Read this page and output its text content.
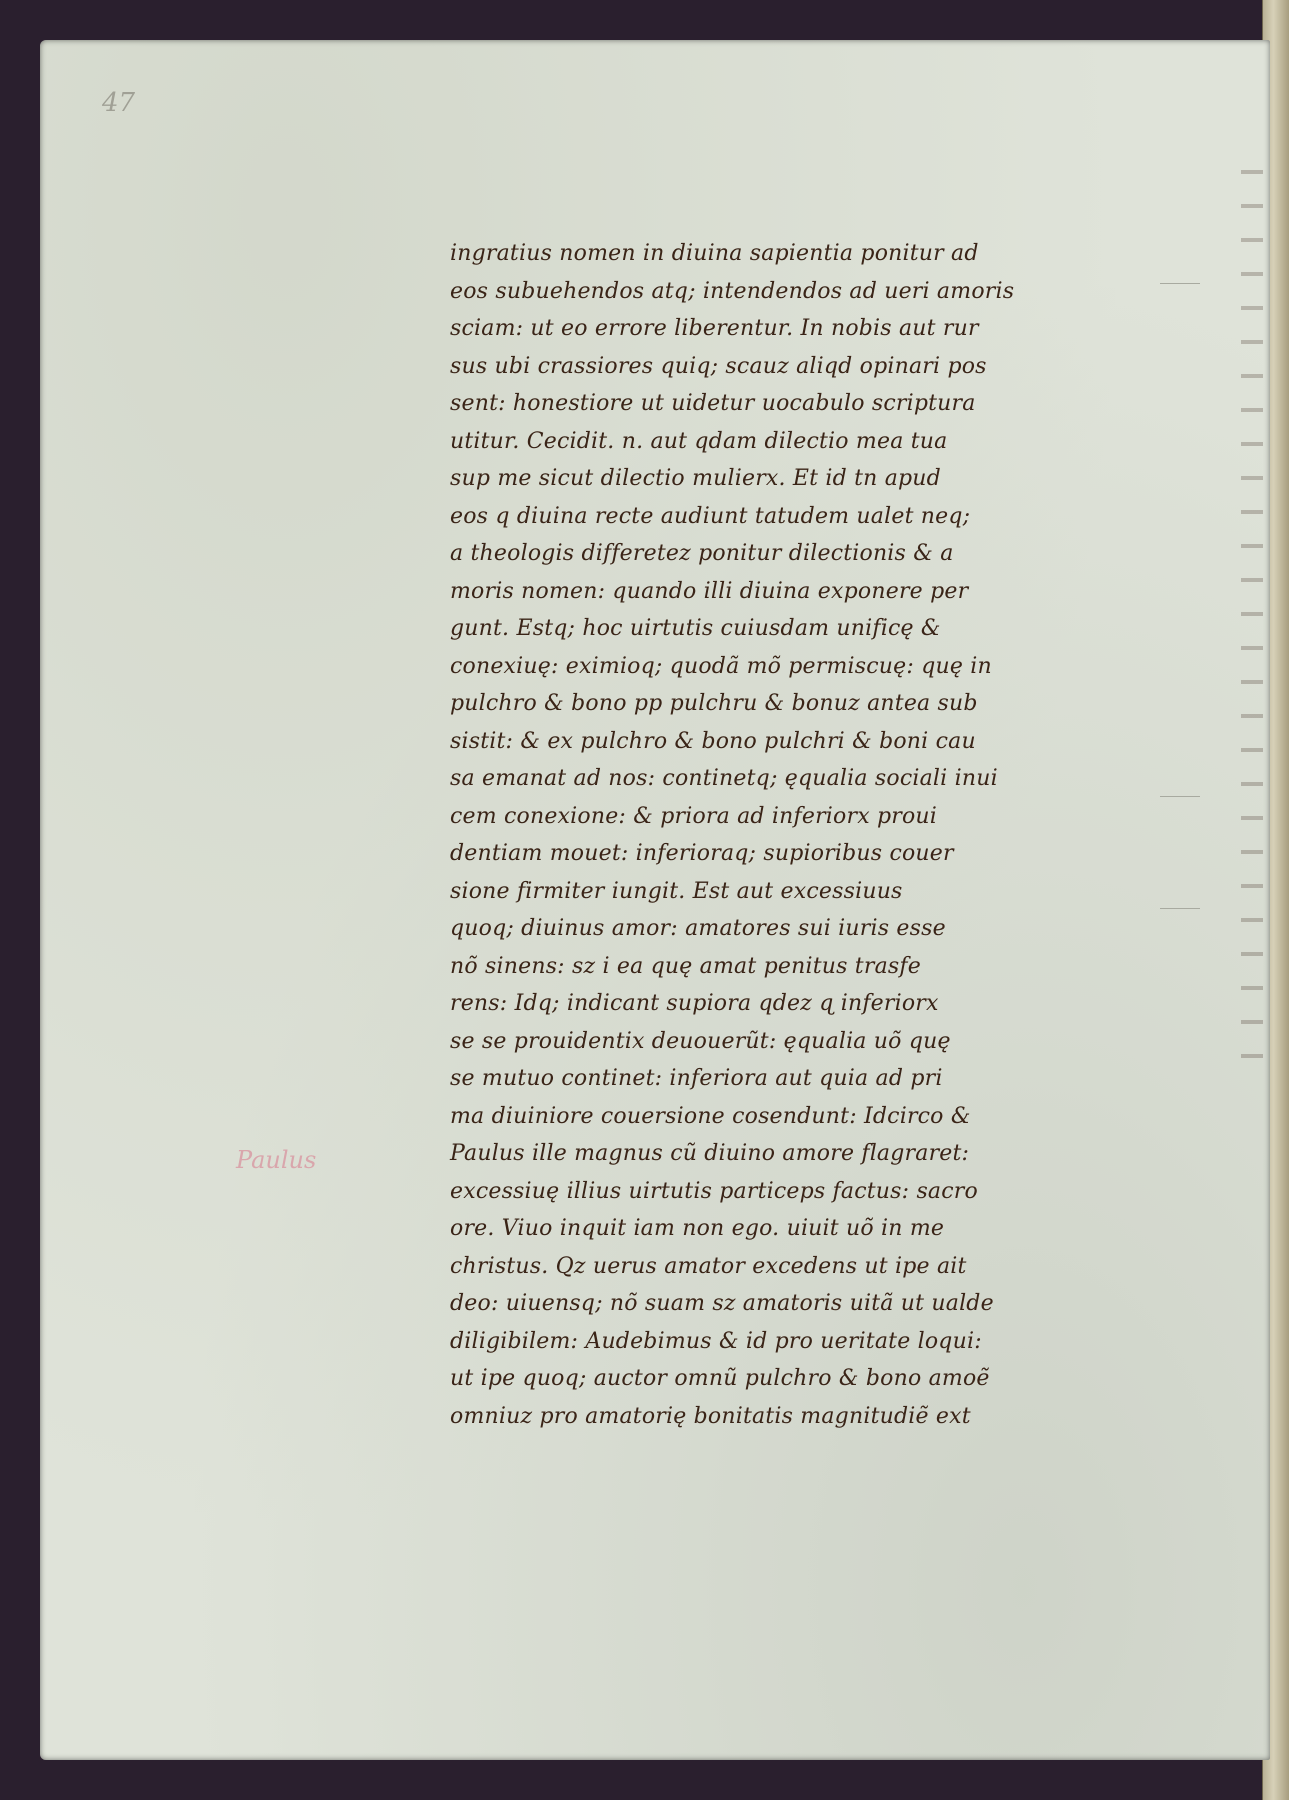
47
ingratius nomen in diuina sapientia ponitur ad
eos subuehendos atq; intendendos ad ueri amoris
sciam: ut eo errore liberentur. In nobis aut rur
sus ubi crassiores quiq; scauz aliqd opinari pos
sent: honestiore ut uidetur uocabulo scriptura
utitur. Cecidit. n. aut qdam dilectio mea tua
sup me sicut dilectio mulierx. Et id tn apud
eos q diuina recte audiunt tatudem ualet neq;
a theologis differetez ponitur dilectionis & a
moris nomen: quando illi diuina exponere per
gunt. Estq; hoc uirtutis cuiusdam unificę &
conexiuę: eximioq; quodã mõ permiscuę: quę in
pulchro & bono pp pulchru & bonuz antea sub
sistit: & ex pulchro & bono pulchri & boni cau
sa emanat ad nos: continetq; ęqualia sociali inui
cem conexione: & priora ad inferiorx proui
dentiam mouet: inferioraq; supioribus couer
sione firmiter iungit. Est aut excessiuus
quoq; diuinus amor: amatores sui iuris esse
nõ sinens: sz i ea quę amat penitus trasfe
rens: Idq; indicant supiora qdez ɋ inferiorx
se se prouidentix deuouerũt: ęqualia uõ quę
se mutuo continet: inferiora aut quia ad pri
ma diuiniore couersione cosendunt: Idcirco &
Paulus ille magnus cũ diuino amore flagraret:
excessiuę illius uirtutis particeps factus: sacro
ore. Viuo inquit iam non ego. uiuit uõ in me
christus. Qz uerus amator excedens ut ipe ait
deo: uiuensq; nõ suam sz amatoris uitã ut ualde
diligibilem: Audebimus & id pro ueritate loqui:
ut ipe quoq; auctor omnũ pulchro & bono amoẽ
omniuz pro amatorię bonitatis magnitudiẽ ext
Paulus
